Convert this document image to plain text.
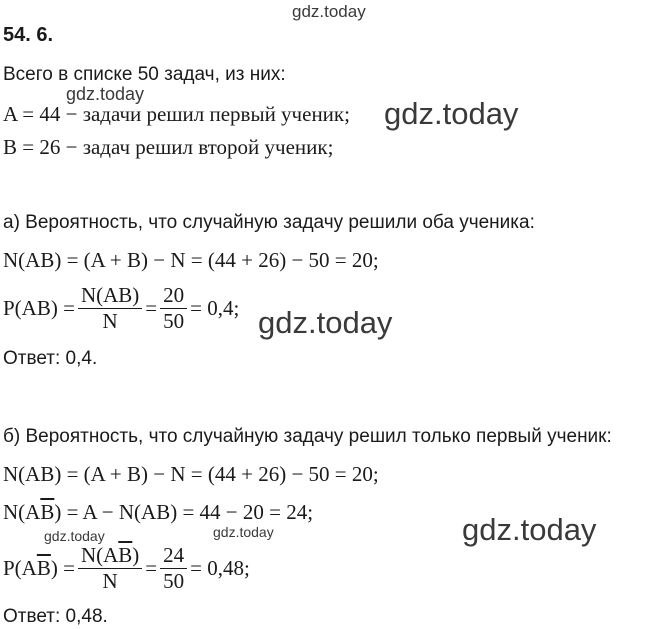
gdz.today
gdz.today
gdz.today
gdz.today
gdz.today
gdz.today	gdz.today
54. 6.
Всего в списке 50 задач, из них:
A = 44 − задачи решил первый ученик;
B = 26 − задач решил второй ученик;
а) Вероятность, что случайную задачу решили оба ученика:
N(AB) = (A + B) − N = (44 + 26) − 50 = 20;
$P(AB) = \frac{N(AB)}{N} = \frac{20}{50} = 0,4$;
Ответ: 0,4.
б) Вероятность, что случайную задачу решил только первый ученик:
N(AB) = (A + B) − N = (44 + 26) − 50 = 20;
$N(A\overline{B}) = A - N(AB) = 44 - 20 = 24$;
$P(A\overline{B}) = \frac{N(A\overline{B})}{N} = \frac{24}{50} = 0,48$;
Ответ: 0,48.
